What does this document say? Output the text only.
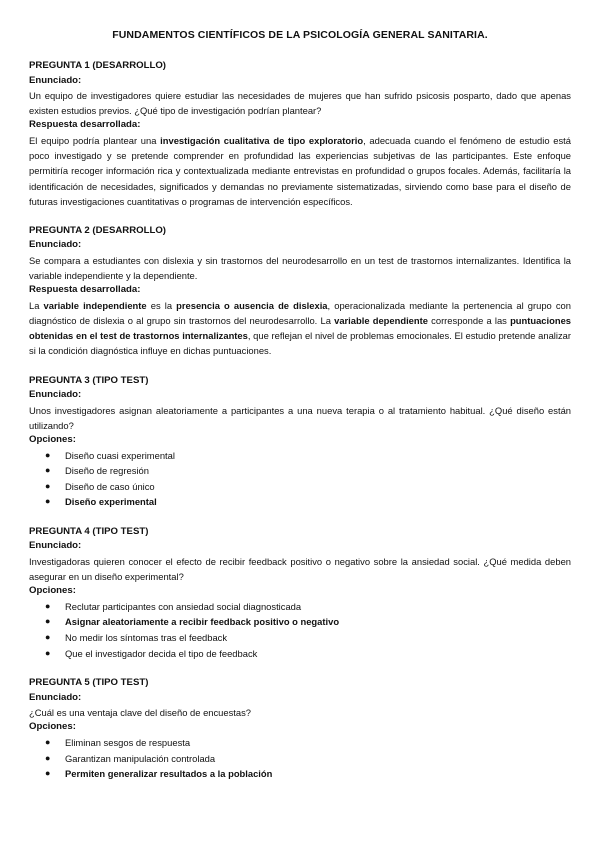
FUNDAMENTOS CIENTÍFICOS DE LA PSICOLOGÍA GENERAL SANITARIA.
PREGUNTA 1 (DESARROLLO)
Enunciado:
Un equipo de investigadores quiere estudiar las necesidades de mujeres que han sufrido psicosis posparto, dado que apenas existen estudios previos. ¿Qué tipo de investigación podrían plantear?
Respuesta desarrollada:
El equipo podría plantear una investigación cualitativa de tipo exploratorio, adecuada cuando el fenómeno de estudio está poco investigado y se pretende comprender en profundidad las experiencias subjetivas de las participantes. Este enfoque permitiría recoger información rica y contextualizada mediante entrevistas en profundidad o grupos focales. Además, facilitaría la identificación de necesidades, significados y demandas no previamente sistematizadas, sirviendo como base para el diseño de futuras investigaciones cuantitativas o programas de intervención específicos.
PREGUNTA 2 (DESARROLLO)
Enunciado:
Se compara a estudiantes con dislexia y sin trastornos del neurodesarrollo en un test de trastornos internalizantes. Identifica la variable independiente y la dependiente.
Respuesta desarrollada:
La variable independiente es la presencia o ausencia de dislexia, operacionalizada mediante la pertenencia al grupo con diagnóstico de dislexia o al grupo sin trastornos del neurodesarrollo. La variable dependiente corresponde a las puntuaciones obtenidas en el test de trastornos internalizantes, que reflejan el nivel de problemas emocionales. El estudio pretende analizar si la condición diagnóstica influye en dichas puntuaciones.
PREGUNTA 3 (TIPO TEST)
Enunciado:
Unos investigadores asignan aleatoriamente a participantes a una nueva terapia o al tratamiento habitual. ¿Qué diseño están utilizando?
Opciones:
● Diseño cuasi experimental
● Diseño de regresión
● Diseño de caso único
● Diseño experimental
PREGUNTA 4 (TIPO TEST)
Enunciado:
Investigadoras quieren conocer el efecto de recibir feedback positivo o negativo sobre la ansiedad social. ¿Qué medida deben asegurar en un diseño experimental?
Opciones:
● Reclutar participantes con ansiedad social diagnosticada
● Asignar aleatoriamente a recibir feedback positivo o negativo
● No medir los síntomas tras el feedback
● Que el investigador decida el tipo de feedback
PREGUNTA 5 (TIPO TEST)
Enunciado:
¿Cuál es una ventaja clave del diseño de encuestas?
Opciones:
● Eliminan sesgos de respuesta
● Garantizan manipulación controlada
● Permiten generalizar resultados a la población
